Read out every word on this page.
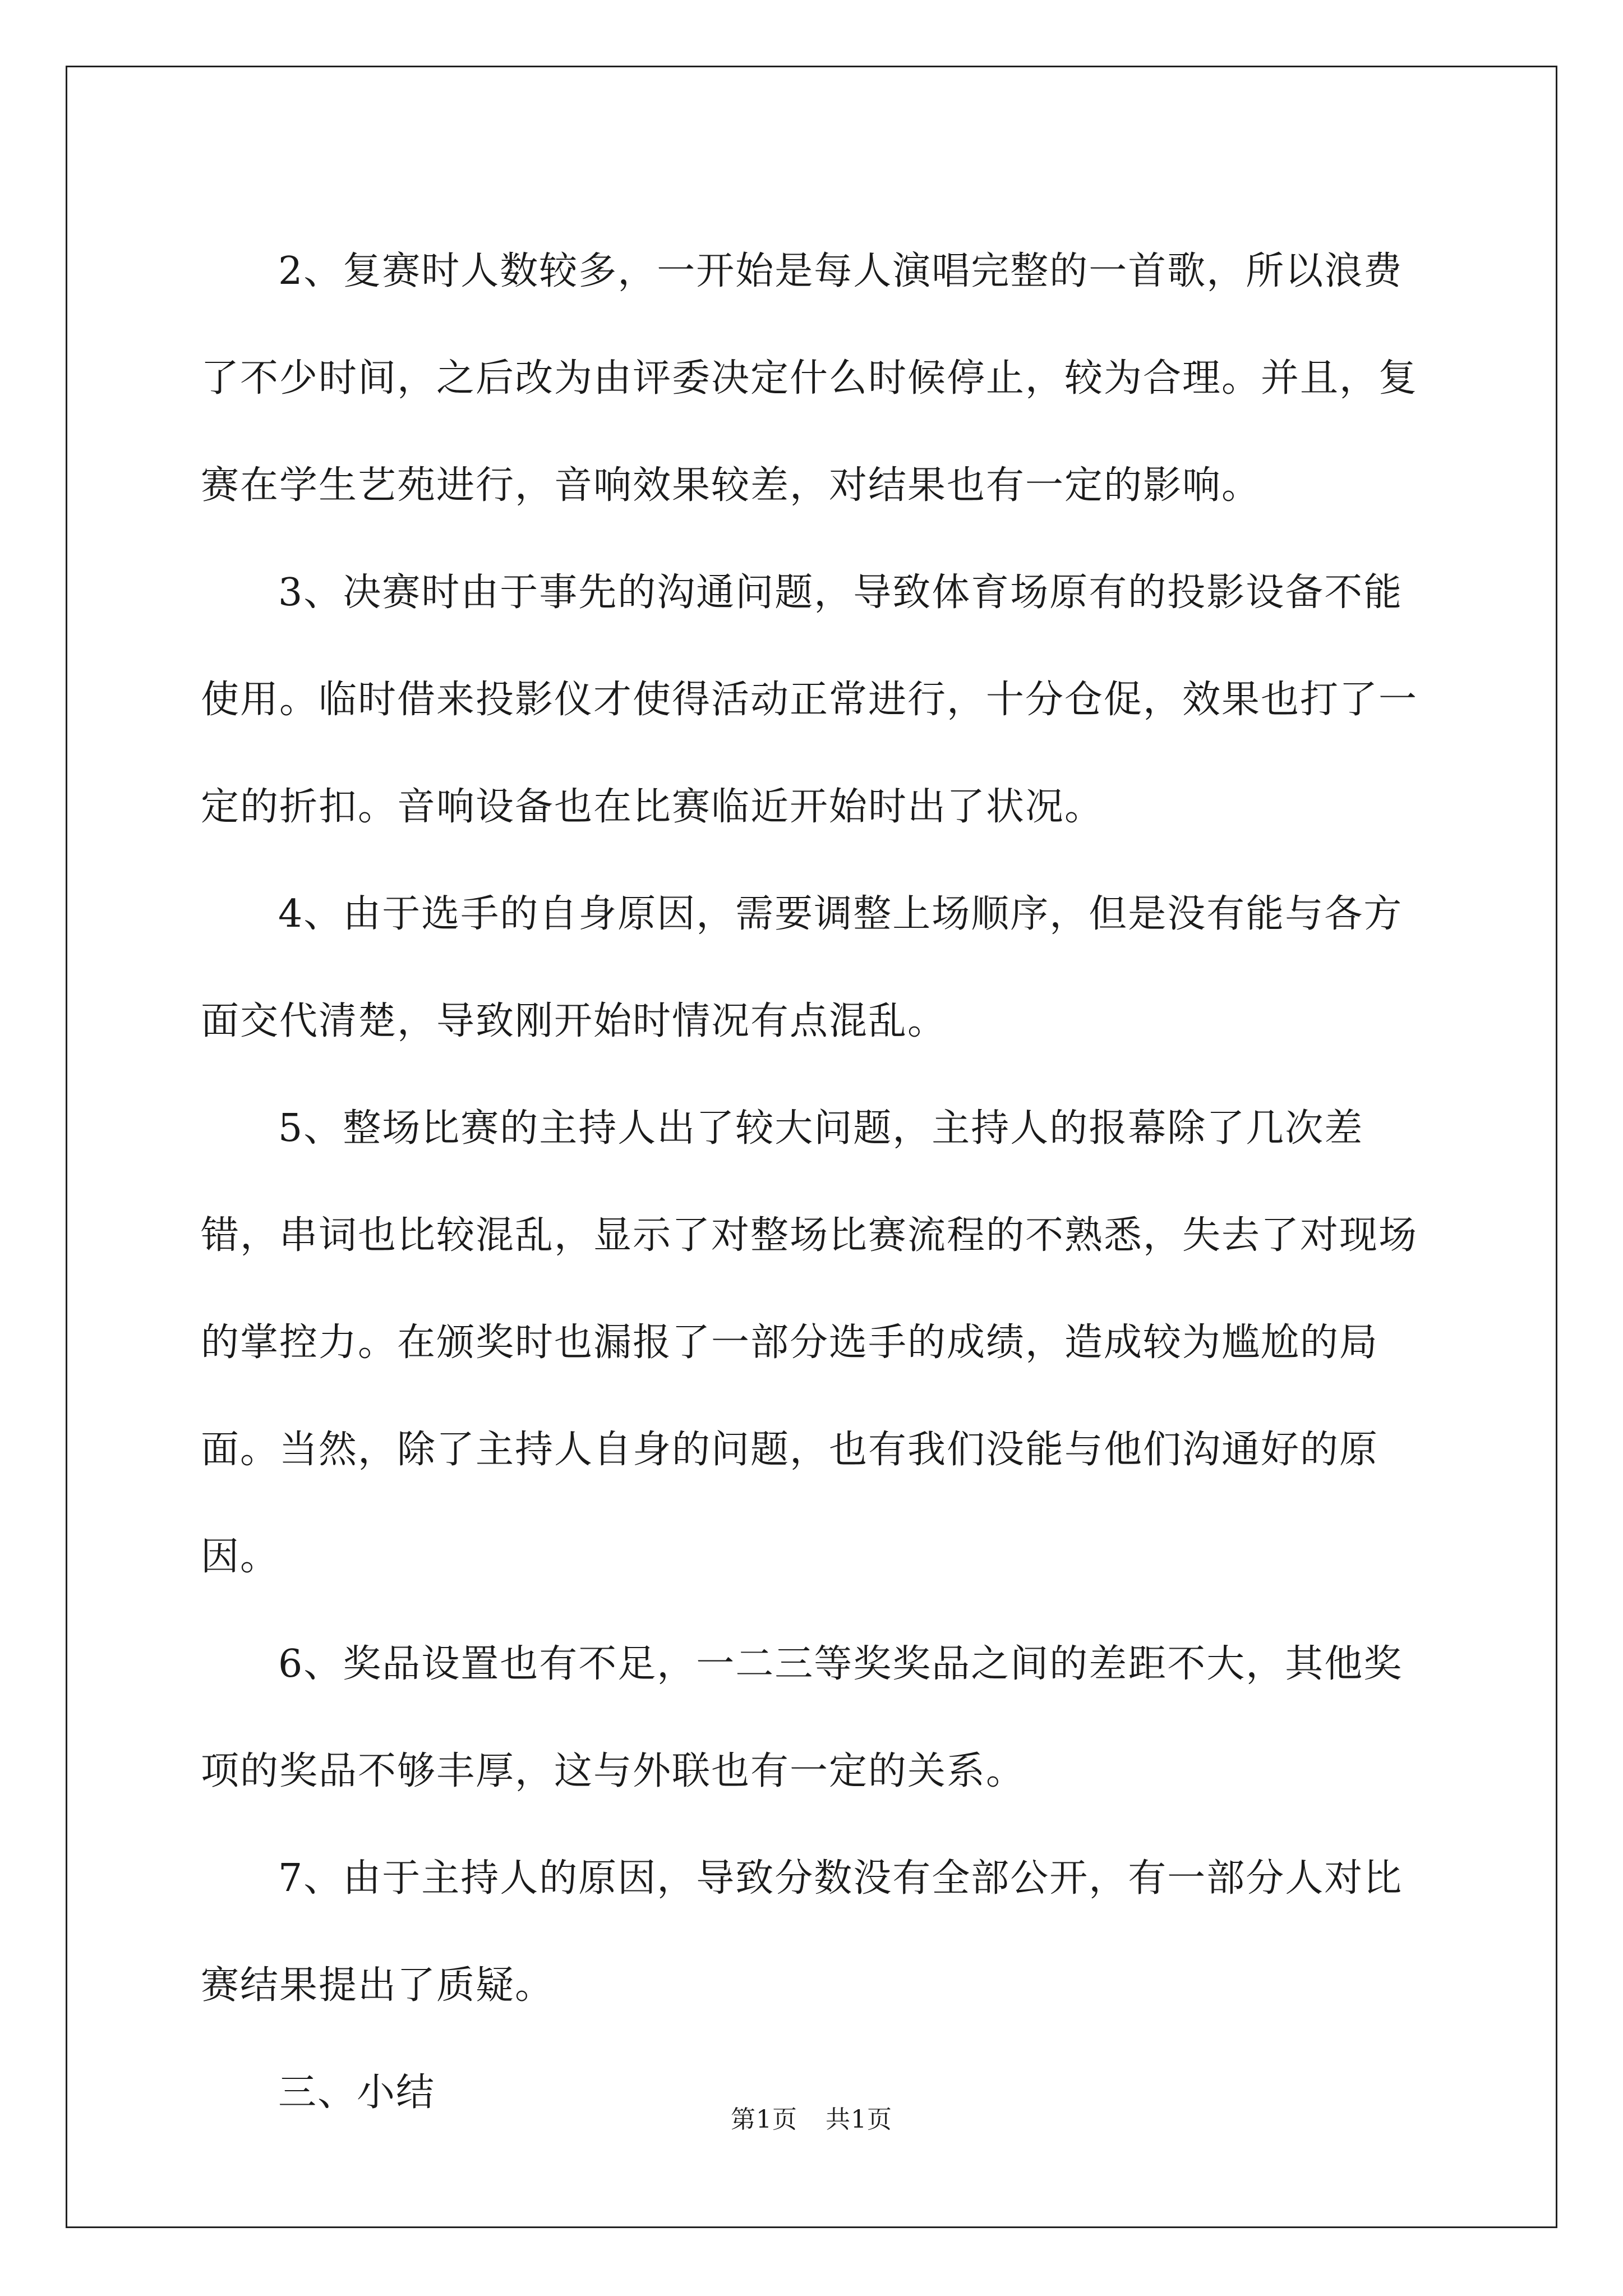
2、复赛时人数较多，一开始是每人演唱完整的一首歌，所以浪费了不少时间，之后改为由评委决定什么时候停止，较为合理。并且，复赛在学生艺苑进行，音响效果较差，对结果也有一定的影响。

3、决赛时由于事先的沟通问题，导致体育场原有的投影设备不能使用。临时借来投影仪才使得活动正常进行，十分仓促，效果也打了一定的折扣。音响设备也在比赛临近开始时出了状况。

4、由于选手的自身原因，需要调整上场顺序，但是没有能与各方面交代清楚，导致刚开始时情况有点混乱。

5、整场比赛的主持人出了较大问题，主持人的报幕除了几次差错，串词也比较混乱，显示了对整场比赛流程的不熟悉，失去了对现场的掌控力。在颁奖时也漏报了一部分选手的成绩，造成较为尴尬的局面。当然，除了主持人自身的问题，也有我们没能与他们沟通好的原因。

6、奖品设置也有不足，一二三等奖奖品之间的差距不大，其他奖项的奖品不够丰厚，这与外联也有一定的关系。

7、由于主持人的原因，导致分数没有全部公开，有一部分人对比赛结果提出了质疑。

三、小结

第1页 共1页
